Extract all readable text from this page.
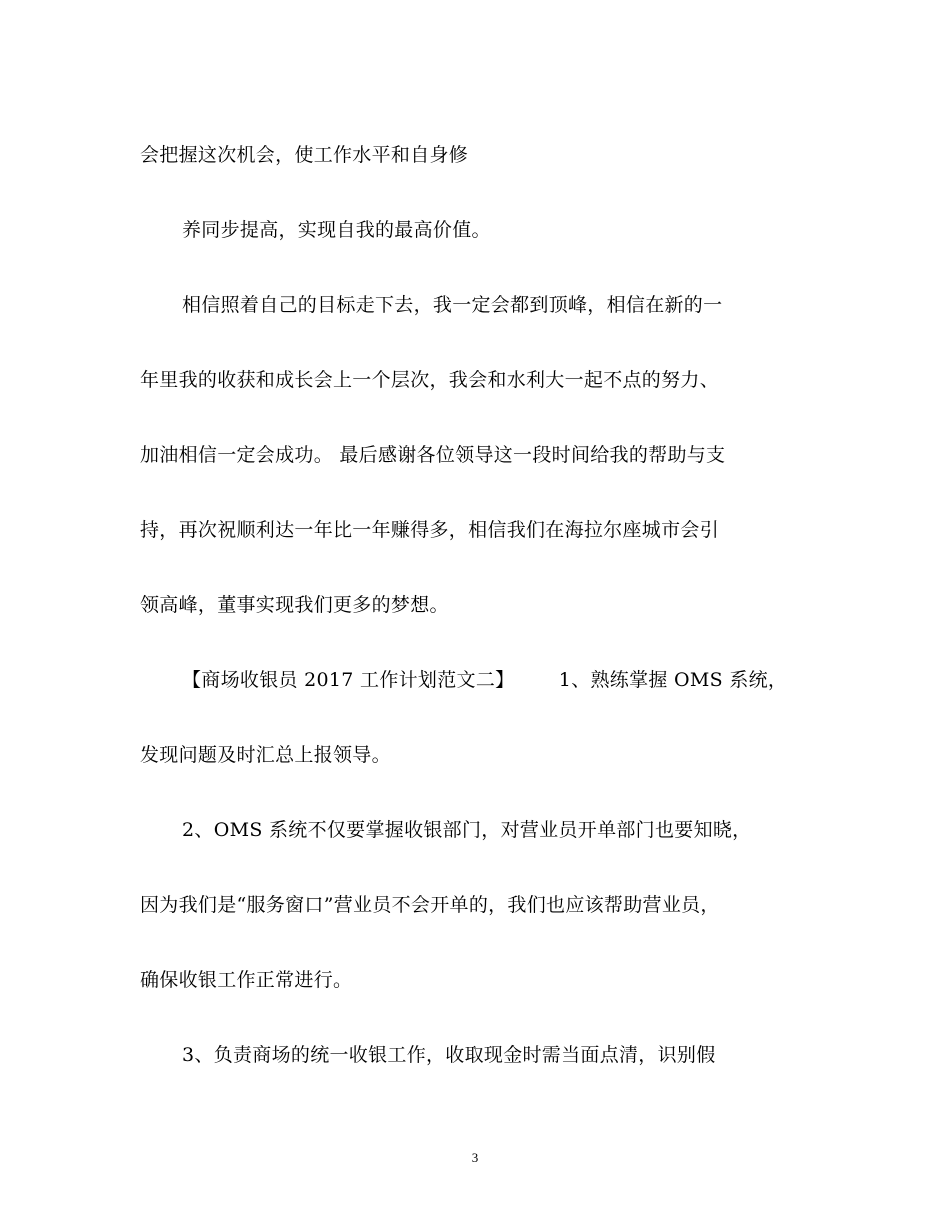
会把握这次机会，使工作水平和自身修
养同步提高，实现自我的最高价值。
相信照着自己的目标走下去，我一定会都到顶峰，相信在新的一
年里我的收获和成长会上一个层次，我会和水利大一起不点的努力、
加油相信一定会成功。 最后感谢各位领导这一段时间给我的帮助与支
持，再次祝顺利达一年比一年赚得多，相信我们在海拉尔座城市会引
领高峰，董事实现我们更多的梦想。
【商场收银员 2017 工作计划范文二】       1、熟练掌握 OMS 系统，
发现问题及时汇总上报领导。
2、OMS 系统不仅要掌握收银部门，对营业员开单部门也要知晓，
因为我们是“服务窗口”营业员不会开单的，我们也应该帮助营业员，
确保收银工作正常进行。
3、负责商场的统一收银工作，收取现金时需当面点清，识别假
3
